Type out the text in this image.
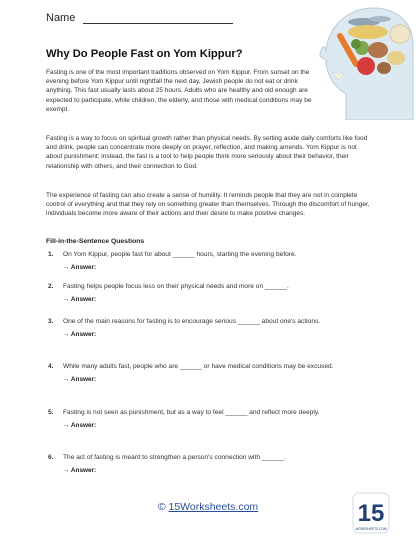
Name
Why Do People Fast on Yom Kippur?

Fasting is one of the most important traditions observed on Yom Kippur. From sunset on the evening before Yom Kippur until nightfall the next day, Jewish people do not eat or drink anything. This fast usually lasts about 25 hours. Adults who are healthy and old enough are expected to participate, while children, the elderly, and those with medical conditions may be exempt.

Fasting is a way to focus on spiritual growth rather than physical needs. By setting aside daily comforts like food and drink, people can concentrate more deeply on prayer, reflection, and making amends. Yom Kippur is not about punishment; instead, the fast is a tool to help people think more seriously about their behavior, their relationship with others, and their connection to God.

The experience of fasting can also create a sense of humility. It reminds people that they are not in complete control of everything and that they rely on something greater than themselves. Through the discomfort of hunger, individuals become more aware of their actions and their desire to make positive changes.

Fill-in-the-Sentence Questions

1. On Yom Kippur, people fast for about ______ hours, starting the evening before.
→ Answer:
2. Fasting helps people focus less on their physical needs and more on ______.
→ Answer:
3. One of the main reasons for fasting is to encourage serious ______ about one's actions.
→ Answer:
4. While many adults fast, people who are ______ or have medical conditions may be excused.
→ Answer:
5. Fasting is not seen as punishment, but as a way to feel ______ and reflect more deeply.
→ Answer:
6. The act of fasting is meant to strengthen a person's connection with ______.
→ Answer:
© 15Worksheets.com	15
WORKSHEETS.COM
